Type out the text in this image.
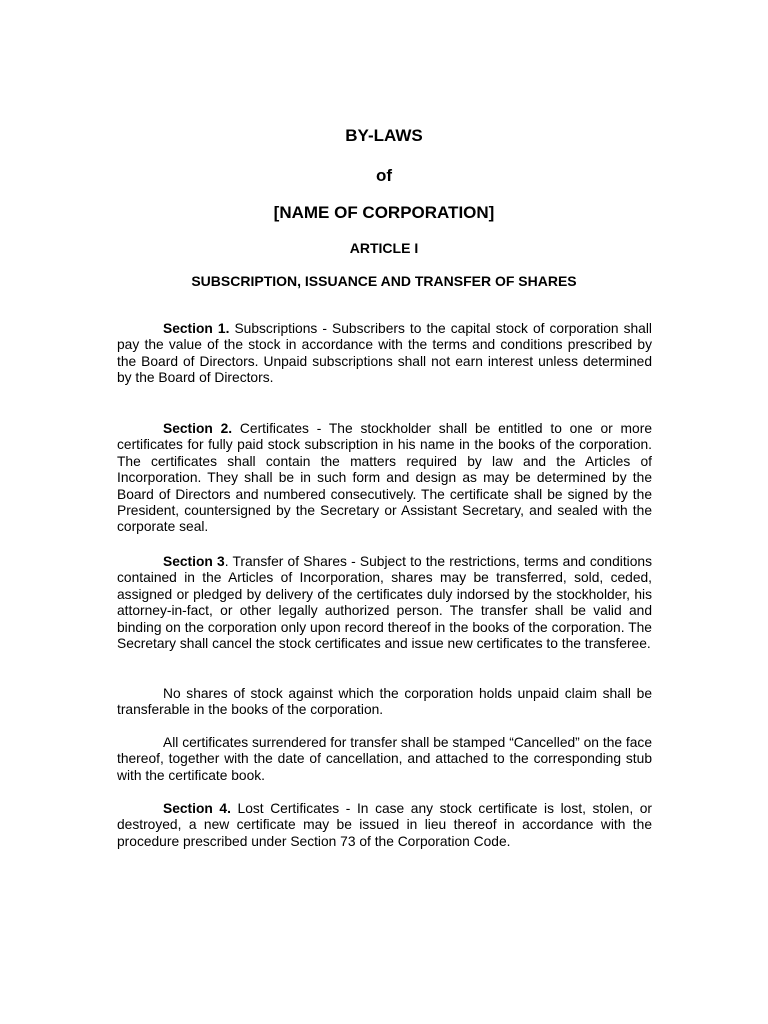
BY-LAWS
of
[NAME OF CORPORATION]
ARTICLE I
SUBSCRIPTION, ISSUANCE AND TRANSFER OF SHARES

Section 1. Subscriptions - Subscribers to the capital stock of corporation shall pay the value of the stock in accordance with the terms and conditions prescribed by the Board of Directors. Unpaid subscriptions shall not earn interest unless determined by the Board of Directors.

Section 2. Certificates - The stockholder shall be entitled to one or more certificates for fully paid stock subscription in his name in the books of the corporation. The certificates shall contain the matters required by law and the Articles of Incorporation. They shall be in such form and design as may be determined by the Board of Directors and numbered consecutively. The certificate shall be signed by the President, countersigned by the Secretary or Assistant Secretary, and sealed with the corporate seal.

Section 3. Transfer of Shares - Subject to the restrictions, terms and conditions contained in the Articles of Incorporation, shares may be transferred, sold, ceded, assigned or pledged by delivery of the certificates duly indorsed by the stockholder, his attorney-in-fact, or other legally authorized person. The transfer shall be valid and binding on the corporation only upon record thereof in the books of the corporation. The Secretary shall cancel the stock certificates and issue new certificates to the transferee.

No shares of stock against which the corporation holds unpaid claim shall be transferable in the books of the corporation.

All certificates surrendered for transfer shall be stamped “Cancelled” on the face thereof, together with the date of cancellation, and attached to the corresponding stub with the certificate book.

Section 4. Lost Certificates - In case any stock certificate is lost, stolen, or destroyed, a new certificate may be issued in lieu thereof in accordance with the procedure prescribed under Section 73 of the Corporation Code.
